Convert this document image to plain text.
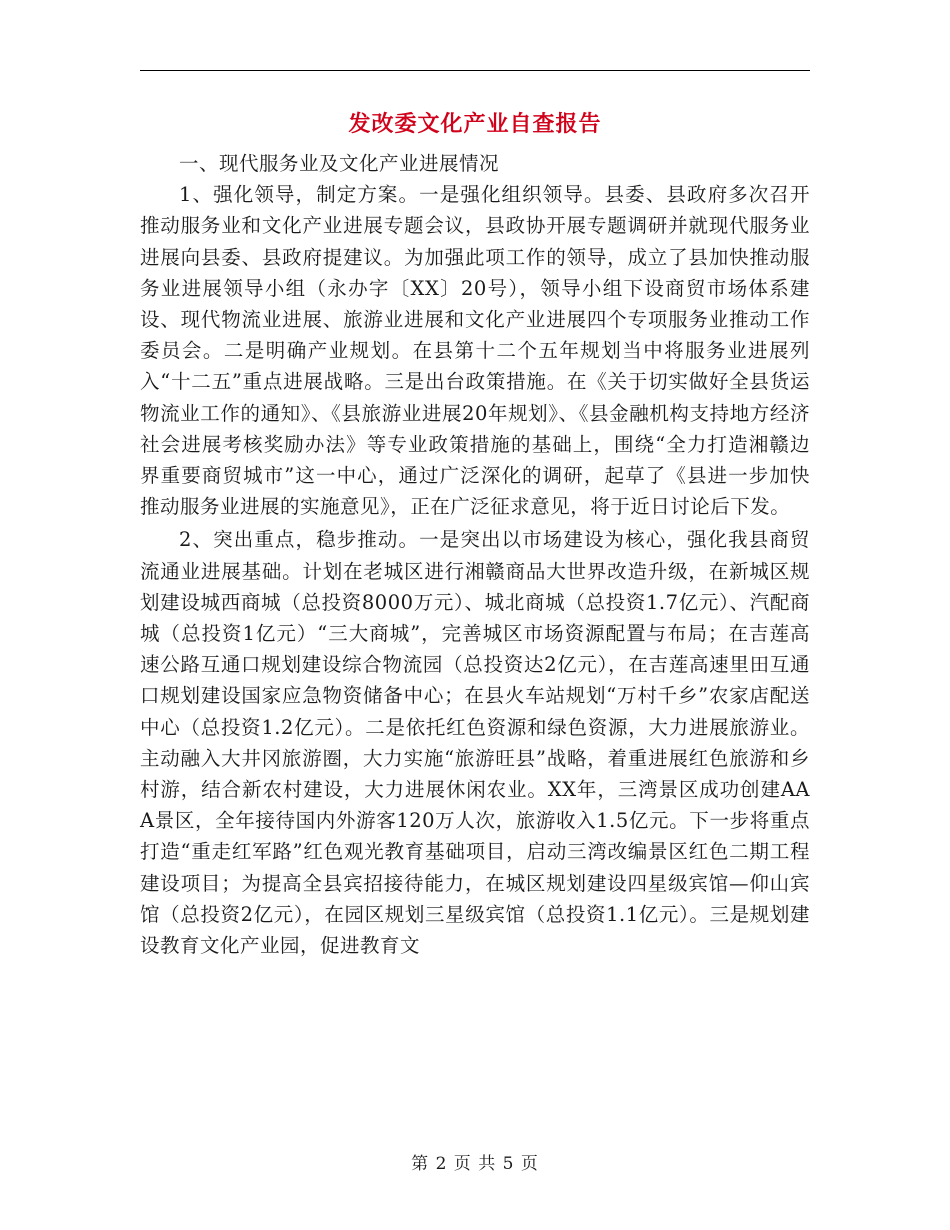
发改委文化产业自查报告

一、现代服务业及文化产业进展情况

1、强化领导，制定方案。一是强化组织领导。县委、县政府多次召开推动服务业和文化产业进展专题会议，县政协开展专题调研并就现代服务业进展向县委、县政府提建议。为加强此项工作的领导，成立了县加快推动服务业进展领导小组（永办字〔XX〕20号），领导小组下设商贸市场体系建设、现代物流业进展、旅游业进展和文化产业进展四个专项服务业推动工作委员会。二是明确产业规划。在县第十二个五年规划当中将服务业进展列入“十二五”重点进展战略。三是出台政策措施。在《关于切实做好全县货运物流业工作的通知》、《县旅游业进展20年规划》、《县金融机构支持地方经济社会进展考核奖励办法》等专业政策措施的基础上，围绕“全力打造湘赣边界重要商贸城市”这一中心，通过广泛深化的调研，起草了《县进一步加快推动服务业进展的实施意见》，正在广泛征求意见，将于近日讨论后下发。

2、突出重点，稳步推动。一是突出以市场建设为核心，强化我县商贸流通业进展基础。计划在老城区进行湘赣商品大世界改造升级，在新城区规划建设城西商城（总投资8000万元）、城北商城（总投资1.7亿元）、汽配商城（总投资1亿元）“三大商城”，完善城区市场资源配置与布局；在吉莲高速公路互通口规划建设综合物流园（总投资达2亿元），在吉莲高速里田互通口规划建设国家应急物资储备中心；在县火车站规划“万村千乡”农家店配送中心（总投资1.2亿元）。二是依托红色资源和绿色资源，大力进展旅游业。主动融入大井冈旅游圈，大力实施“旅游旺县”战略，着重进展红色旅游和乡村游，结合新农村建设，大力进展休闲农业。XX年，三湾景区成功创建AAA景区，全年接待国内外游客120万人次，旅游收入1.5亿元。下一步将重点打造“重走红军路”红色观光教育基础项目，启动三湾改编景区红色二期工程建设项目；为提高全县宾招接待能力，在城区规划建设四星级宾馆—仰山宾馆（总投资2亿元），在园区规划三星级宾馆（总投资1.1亿元）。三是规划建设教育文化产业园，促进教育文

第 2 页 共 5 页
